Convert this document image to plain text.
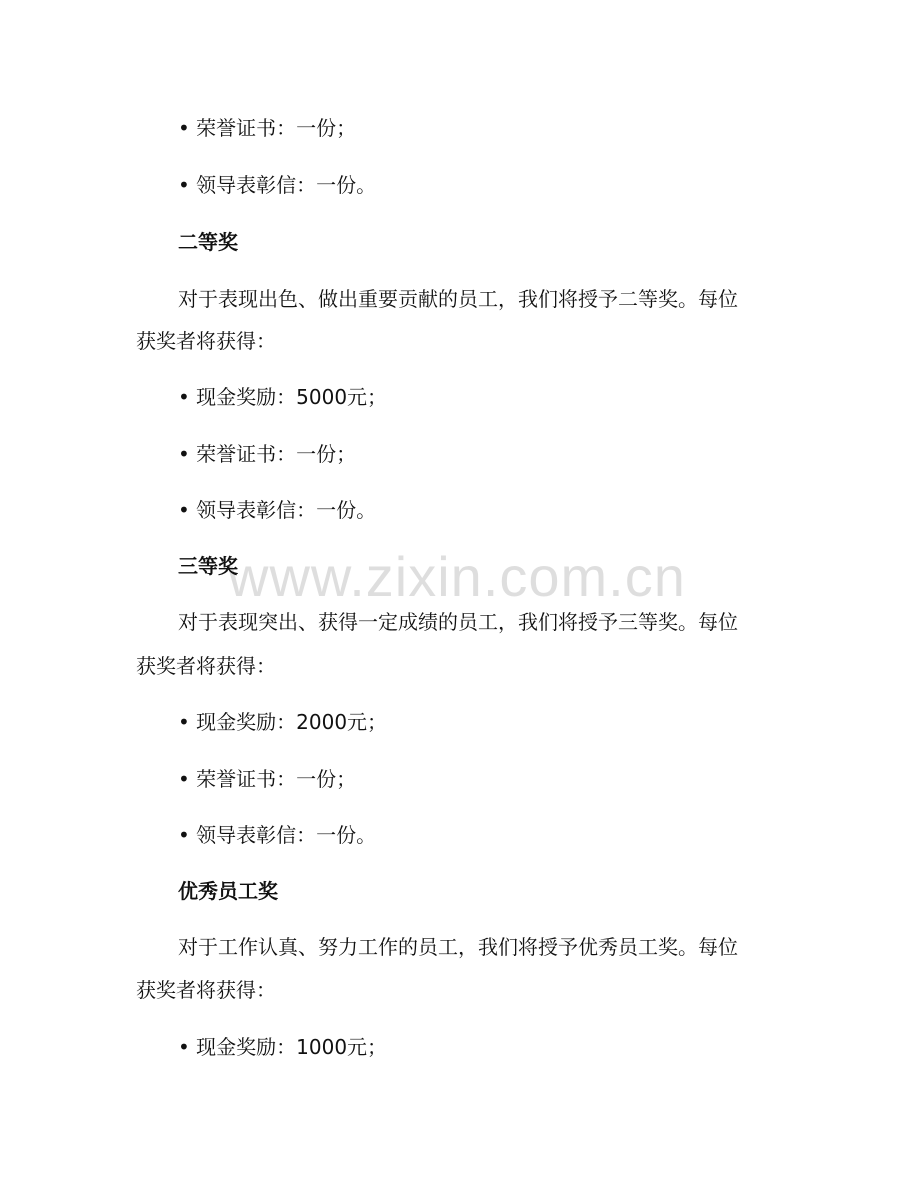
• 荣誉证书：一份；
• 领导表彰信：一份。
二等奖
对于表现出色、做出重要贡献的员工，我们将授予二等奖。每位
获奖者将获得：
• 现金奖励：5000元；
• 荣誉证书：一份；
• 领导表彰信：一份。
三等奖
对于表现突出、获得一定成绩的员工，我们将授予三等奖。每位
获奖者将获得：
• 现金奖励：2000元；
• 荣誉证书：一份；
• 领导表彰信：一份。
优秀员工奖
对于工作认真、努力工作的员工，我们将授予优秀员工奖。每位
获奖者将获得：
• 现金奖励：1000元；
www.zixin.com.cn
